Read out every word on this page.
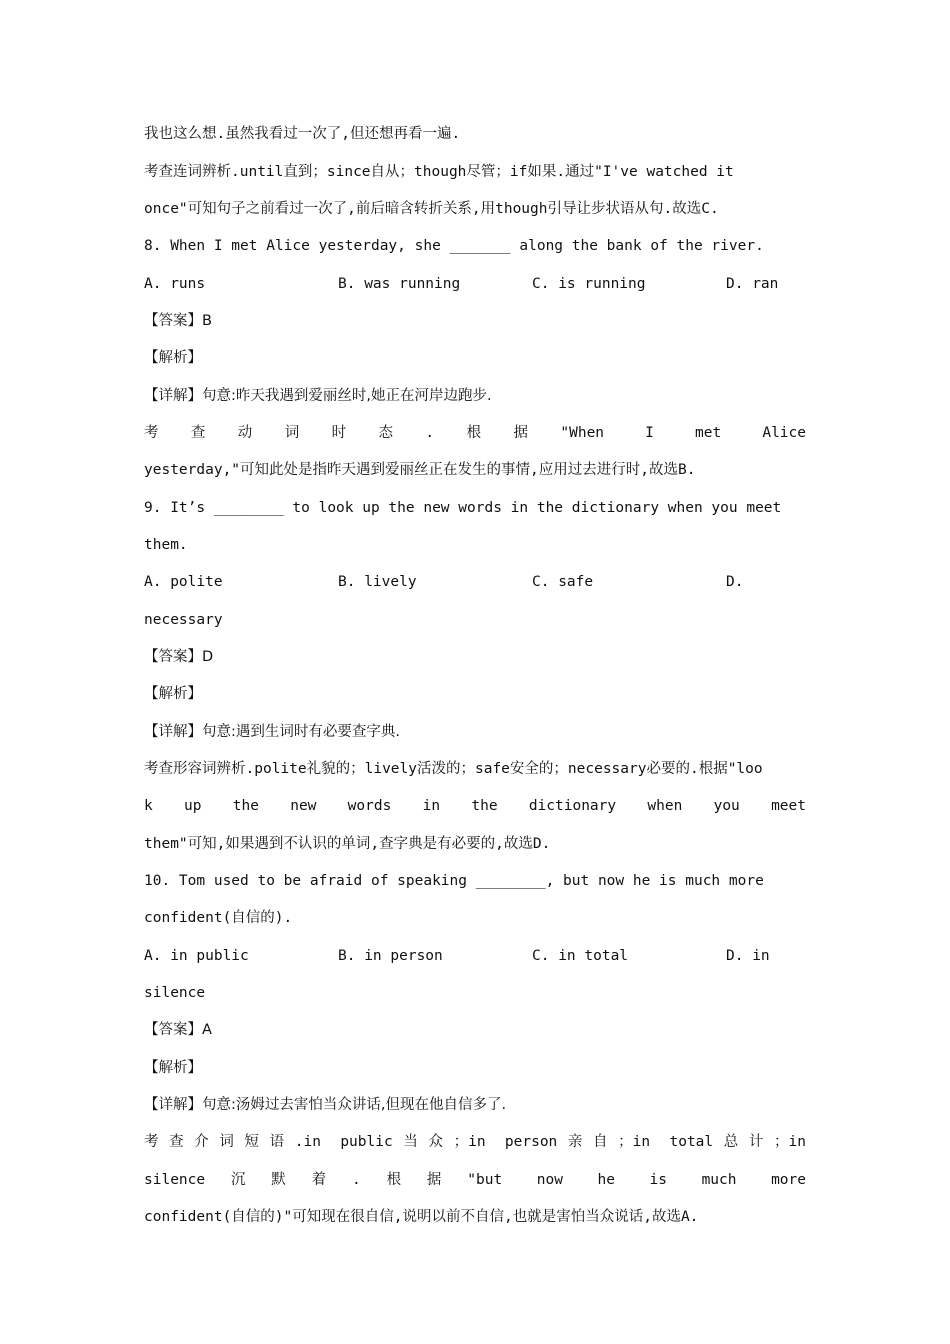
我也这么想.虽然我看过一次了,但还想再看一遍.
考查连词辨析.until直到；since自从；though尽管；if如果.通过"I've watched it
once"可知句子之前看过一次了,前后暗含转折关系,用though引导让步状语从句.故选C.
8. When I met Alice yesterday, she _______ along the bank of the river.

A. runs

	B. was running

	C. is running

	D. ran

【答案】B
【解析】
【详解】句意:昨天我遇到爱丽丝时,她正在河岸边跑步.
考查动词时态.根据"When I met Alice
yesterday,"可知此处是指昨天遇到爱丽丝正在发生的事情,应用过去进行时,故选B.
9. It’s ________ to look up the new words in the dictionary when you meet
them.

A. polite

	B. lively

	C. safe

	D.

necessary
【答案】D
【解析】
【详解】句意:遇到生词时有必要查字典.
考查形容词辨析.polite礼貌的；lively活泼的；safe安全的；necessary必要的.根据"loo
k up the new words in the dictionary when you meet
them"可知,如果遇到不认识的单词,查字典是有必要的,故选D.
10. Tom used to be afraid of speaking ________, but now he is much more
confident(自信的).

A. in public

	B. in person

	C. in total

	D. in

silence
【答案】A
【解析】
【详解】句意:汤姆过去害怕当众讲话,但现在他自信多了.
考查介词短语.in public当众；in person亲自；in total总计；in
silence沉默着.根据"but now he is much more
confident(自信的)"可知现在很自信,说明以前不自信,也就是害怕当众说话,故选A.
